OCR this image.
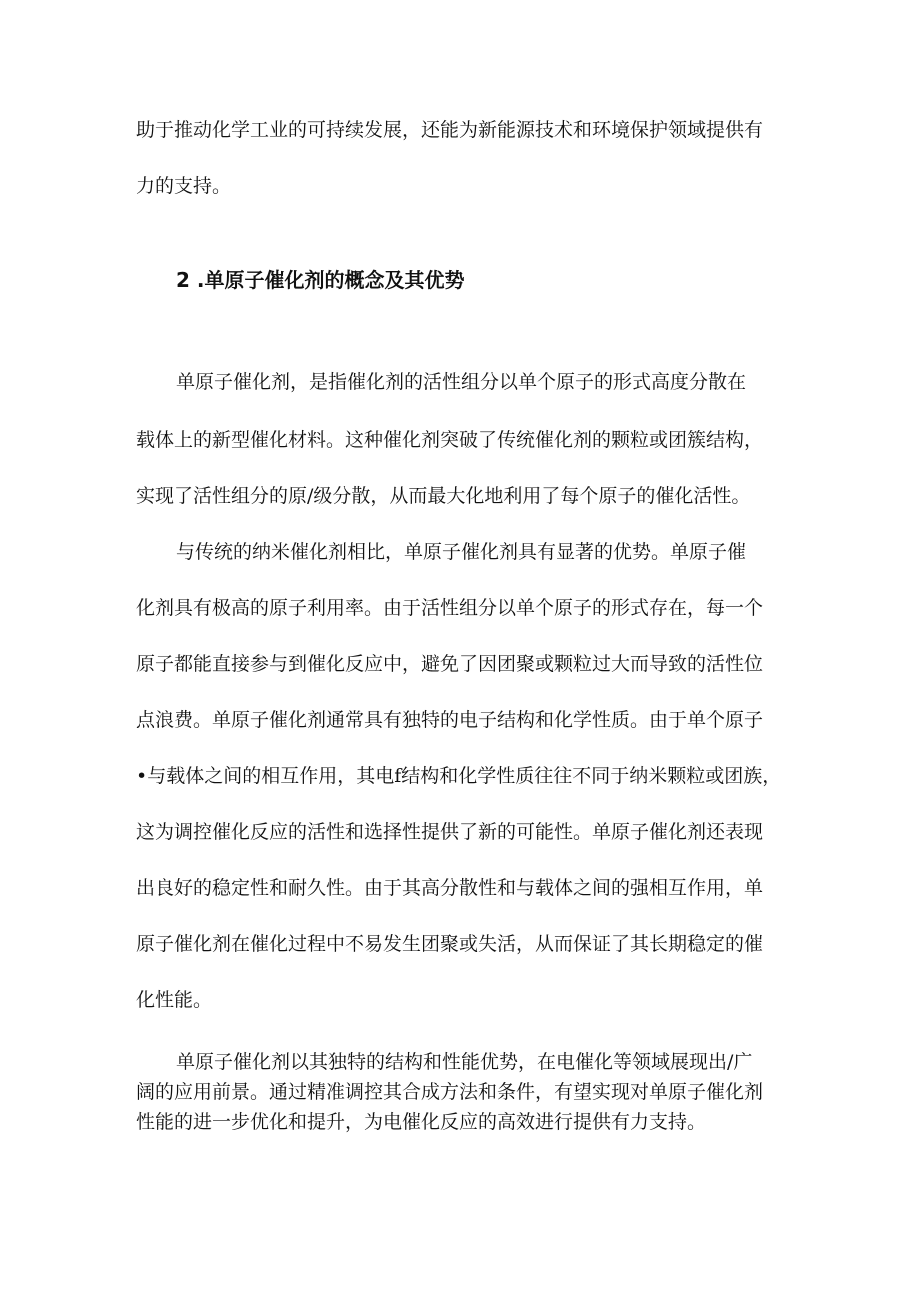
助于推动化学工业的可持续发展，还能为新能源技术和环境保护领域提供有
力的支持。
2 .单原子催化剂的概念及其优势
单原子催化剂，是指催化剂的活性组分以单个原子的形式高度分散在
载体上的新型催化材料。这种催化剂突破了传统催化剂的颗粒或团簇结构，
实现了活性组分的原/级分散，从而最大化地利用了每个原子的催化活性。
与传统的纳米催化剂相比，单原子催化剂具有显著的优势。单原子催
化剂具有极高的原子利用率。由于活性组分以单个原子的形式存在，每一个
原子都能直接参与到催化反应中，避免了因团聚或颗粒过大而导致的活性位
点浪费。单原子催化剂通常具有独特的电子结构和化学性质。由于单个原子
•与载体之间的相互作用，其电f结构和化学性质往往不同于纳米颗粒或团族，
这为调控催化反应的活性和选择性提供了新的可能性。单原子催化剂还表现
出良好的稳定性和耐久性。由于其高分散性和与载体之间的强相互作用，单
原子催化剂在催化过程中不易发生团聚或失活，从而保证了其长期稳定的催
化性能。
单原子催化剂以其独特的结构和性能优势，在电催化等领域展现出/广
阔的应用前景。通过精准调控其合成方法和条件，有望实现对单原子催化剂
性能的进一步优化和提升，为电催化反应的高效进行提供有力支持。
